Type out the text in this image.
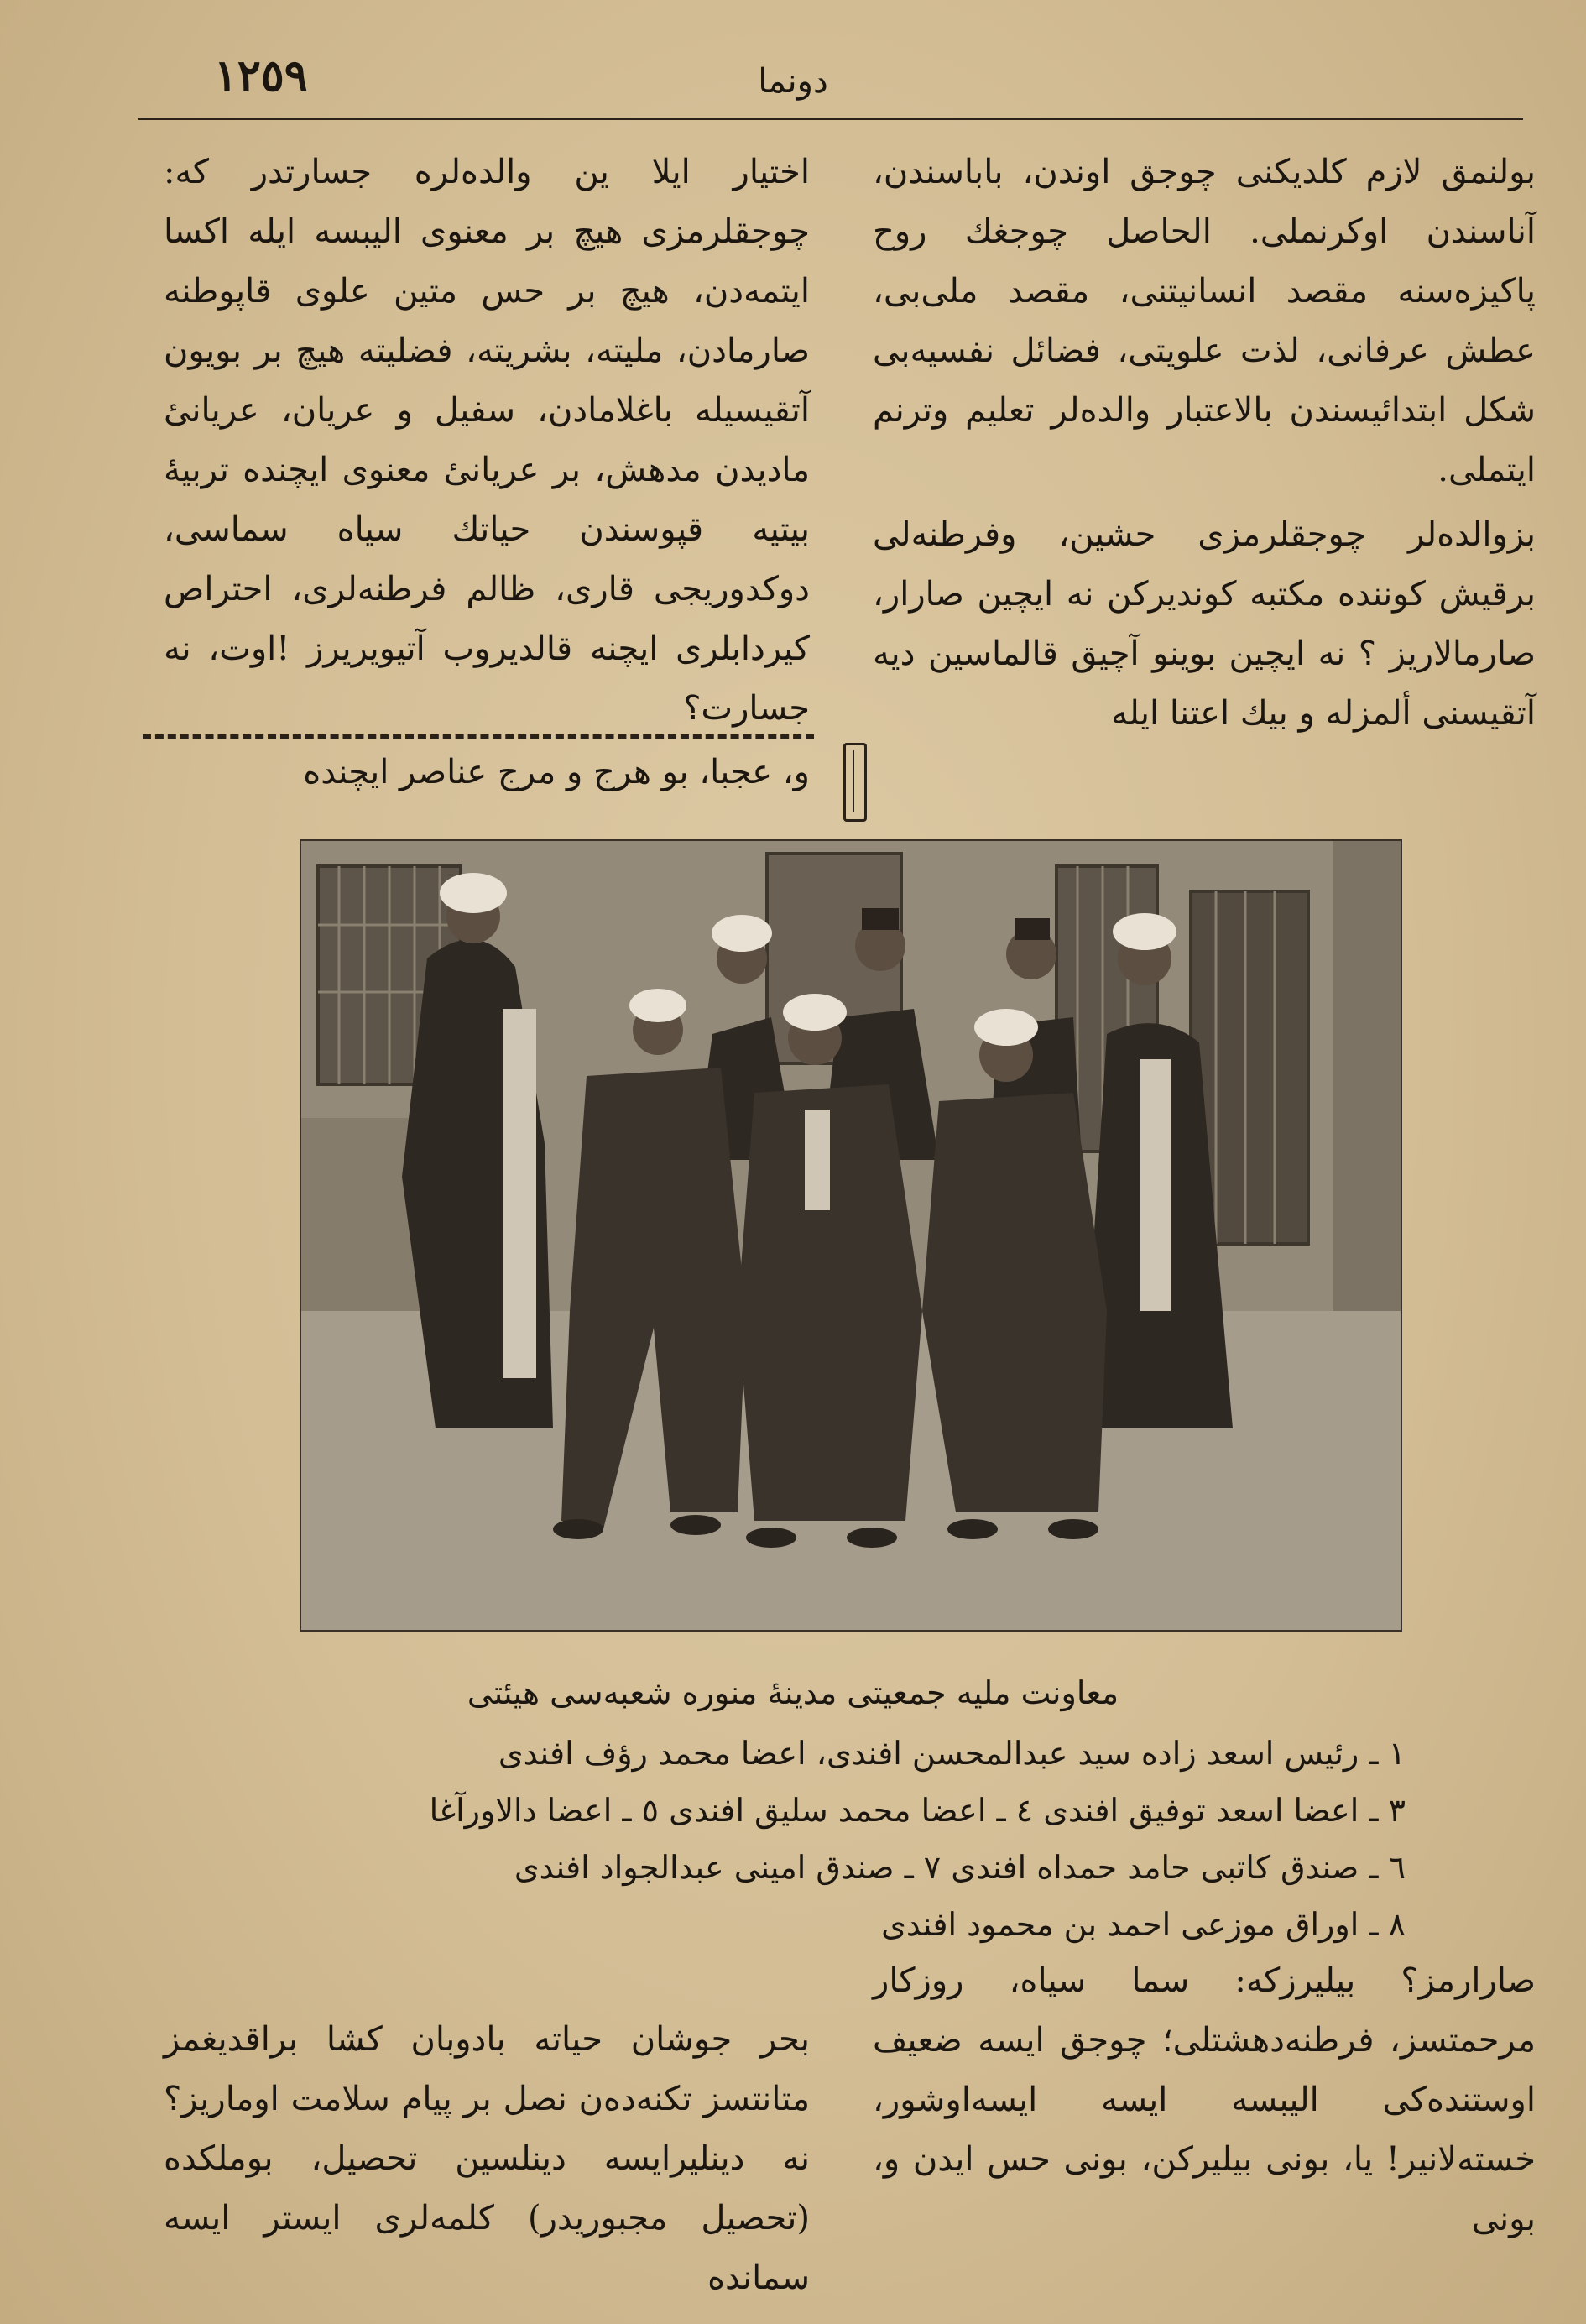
١٢٥٩	دونما

بولنمق لازم کلدیکنی چوجق اوندن، باباسندن، آناسندن اوکرنملی. الحاصل چوجغك روح پاکیزه‌سنه مقصد انسانیتنی، مقصد ملی‌بی، عطش عرفانی، لذت علویتی، فضائل نفسیه‌بی شکل ابتدائیسندن بالاعتبار والده‌لر تعلیم وترنم ایتملی.

بزوالده‌لر چوجقلرمزی حشین، وفرطنه‌لی برقیش کوننده مکتبه کوندیرکن نه ایچین صارار، صارمالاریز ؟ نه ایچین بوینو آچیق قالماسین دیه آتقیسنی ألمزله و بیك اعتنا ایله

اختیار ایلا ین والده‌لره جسارتدر که: چوجقلرمزی هیچ بر معنوی الیبسه ایله اکسا ایتمه‌دن، هیچ بر حس متین علوی قاپوطنه صارمادن، ملیته، بشریته، فضلیته هیچ بر بویون آتقیسیله باغلامادن، سفیل و عریان، عریانیٔ مادیدن مدهش، بر عریانیٔ معنوی ایچنده تربیهٔ بیتیه قپوسندن حیاتك سیاه سماسی، دوکدوریجی قاری، ظالم فرطنه‌لری، احتراص کیردابلری ایچنه قالدیروب آتیویریرز !اوت، نه جسارت؟

و، عجبا، بو هرج و مرج عناصر ایچنده

معاونت ملیه جمعیتی مدینهٔ منوره شعبه‌سی هیئتی
١ ـ رئیس اسعد زاده سید عبدالمحسن افندی، اعضا محمد رؤف افندی
٣ ـ اعضا اسعد توفیق افندی ٤ ـ اعضا محمد سلیق افندی ٥ ـ اعضا دالاورآغا
٦ ـ صندق کاتبی حامد حمداه افندی ٧ ـ صندق امینی عبدالجواد افندی
٨ ـ اوراق موزعی احمد بن محمود افندی

صارارمز؟ بیلیرزکه: سما سیاه، روزکار مرحمتسز، فرطنه‌دهشتلی؛ چوجق ایسه ضعیف اوستنده‌کی الیبسه ایسه ایسه‌اوشور، خسته‌لانیر! یا، بونی بیلیرکن، بونی حس ایدن و، بونی

بحر جوشان حیاته بادوبان کشا براقدیغمز متانتسز تکنه‌ده‌ن نصل بر پیام سلامت اوماریز؟ نه دینلیرایسه دینلسین تحصیل، بوملکده (تحصیل مجبوریدر) کلمه‌لری ایستر ایسه سمانده
